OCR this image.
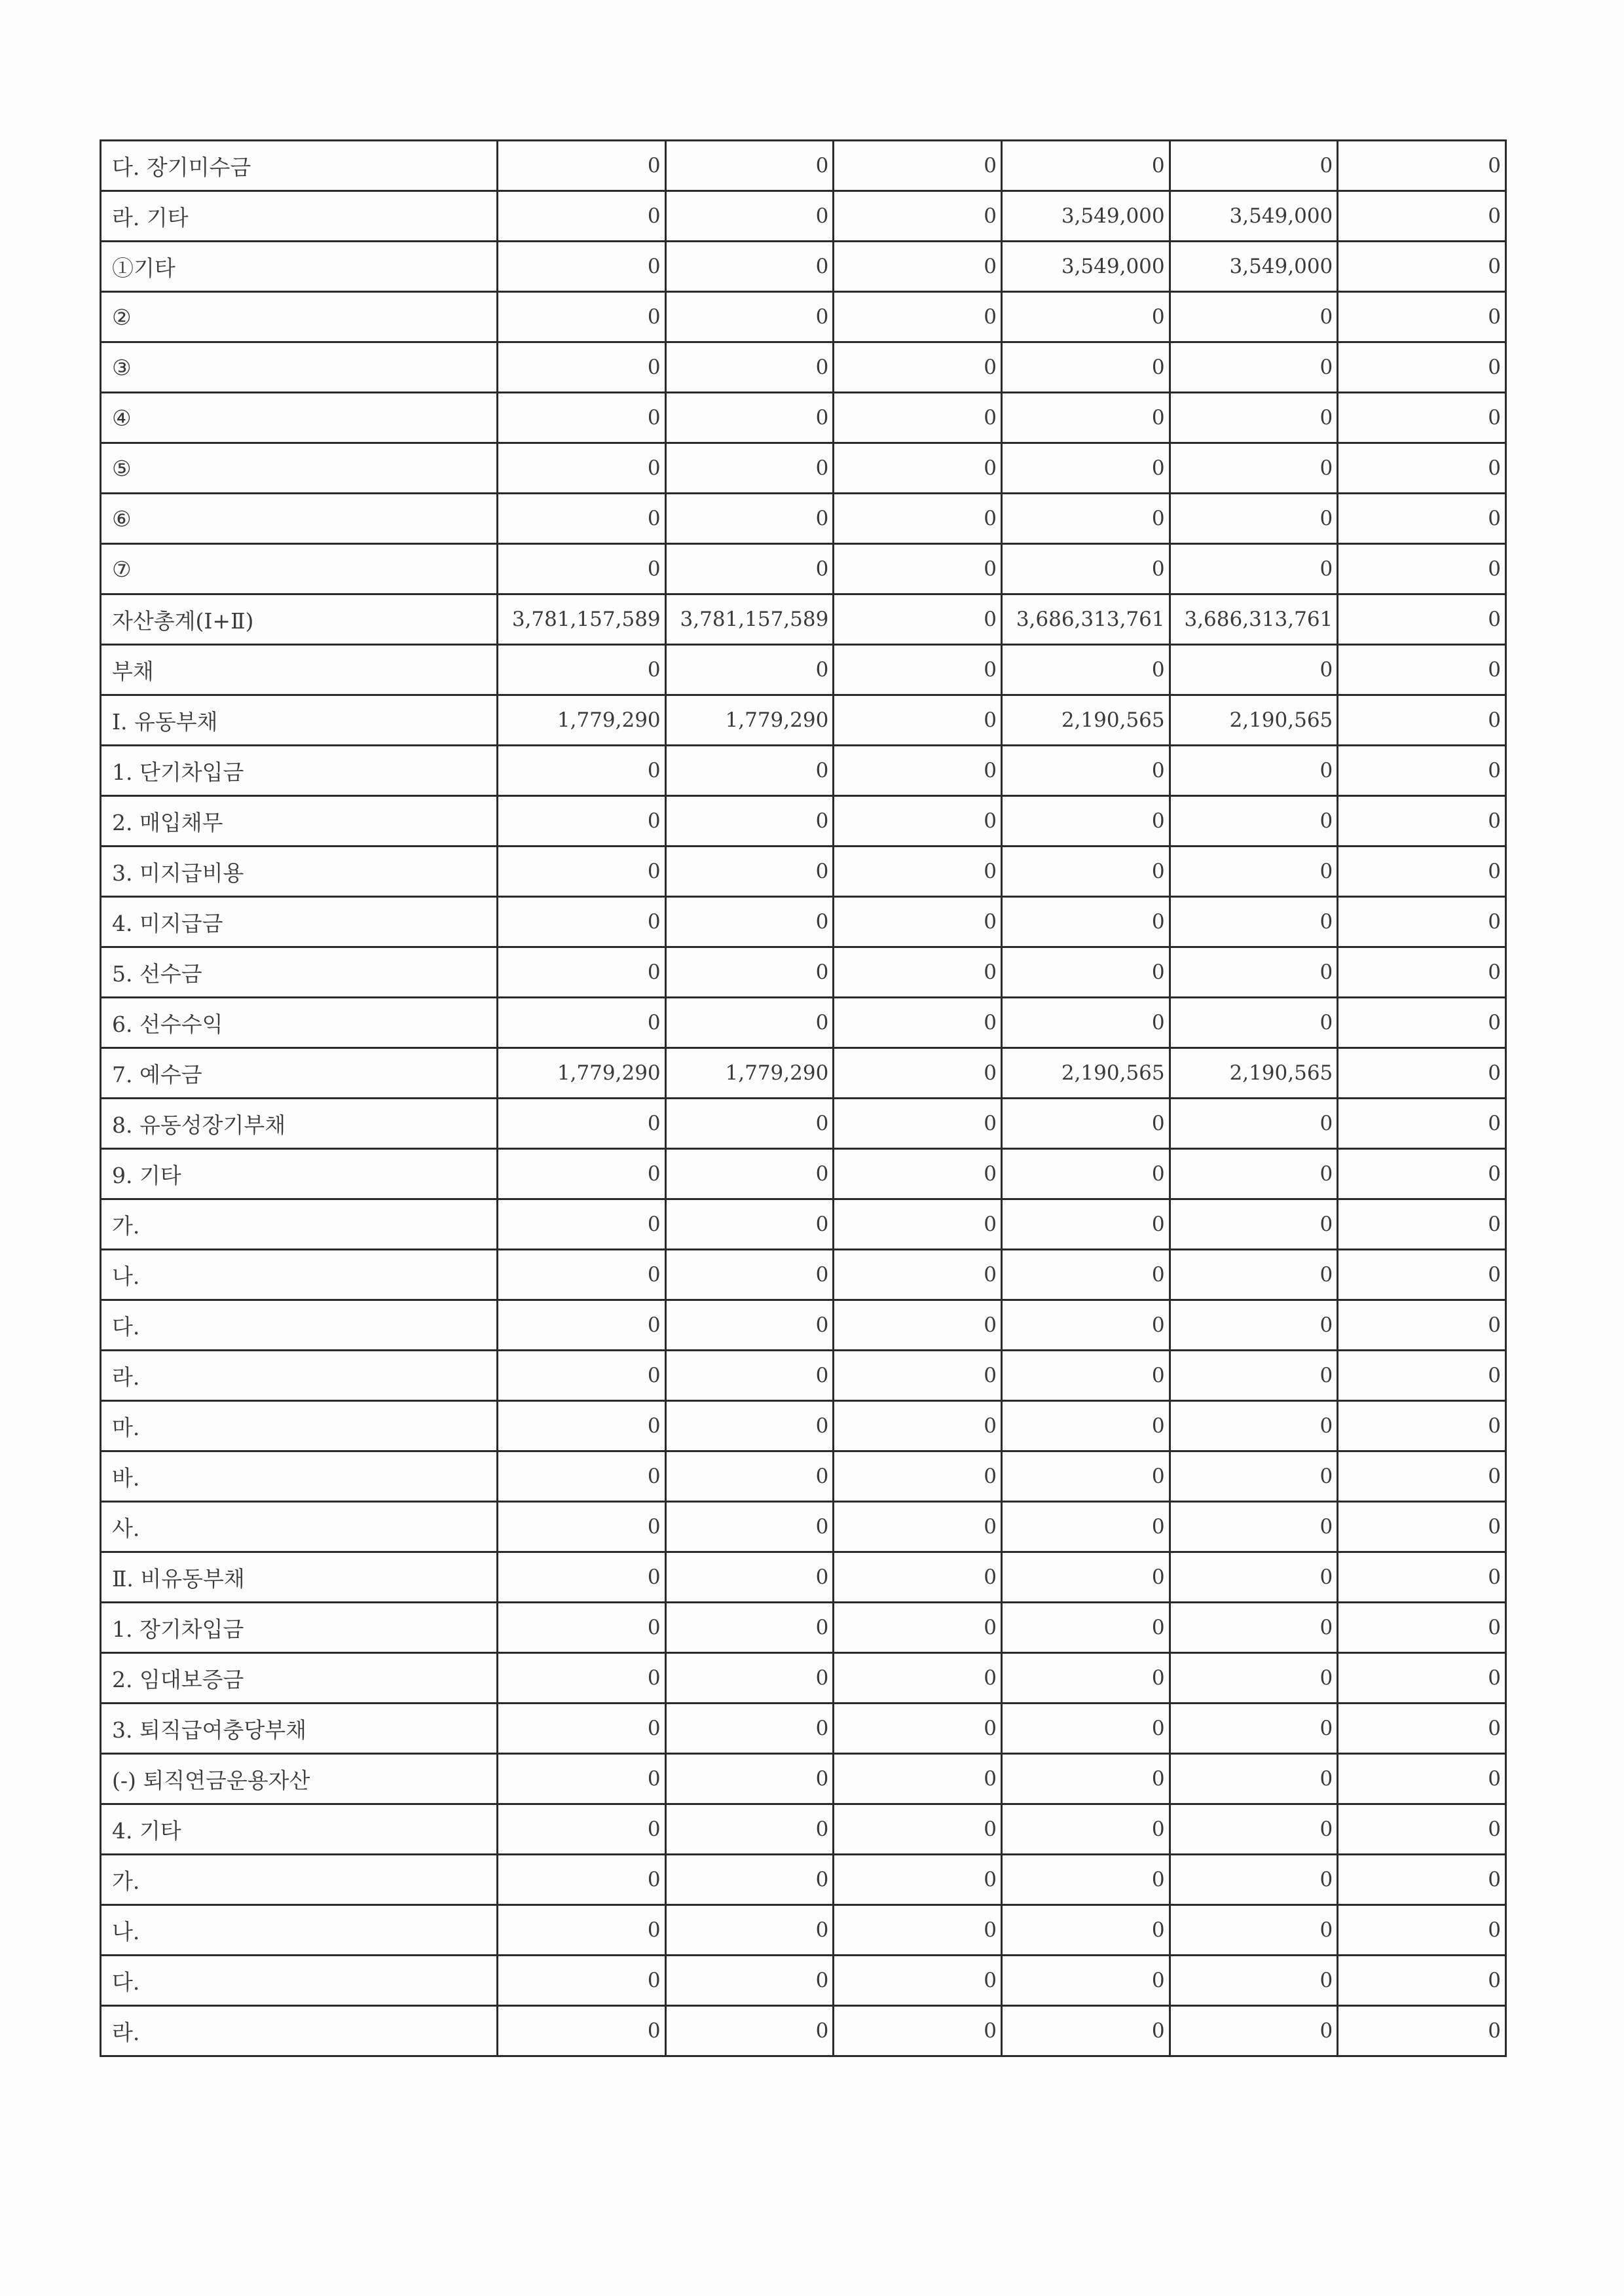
다. 장기미수금	0	0	0	0	0	0
라. 기타	0	0	0	3,549,000	3,549,000	0
①기타	0	0	0	3,549,000	3,549,000	0
②	0	0	0	0	0	0
③	0	0	0	0	0	0
④	0	0	0	0	0	0
⑤	0	0	0	0	0	0
⑥	0	0	0	0	0	0
⑦	0	0	0	0	0	0
자산총계(Ⅰ+Ⅱ)	3,781,157,589	3,781,157,589	0	3,686,313,761	3,686,313,761	0
부채	0	0	0	0	0	0
Ⅰ. 유동부채	1,779,290	1,779,290	0	2,190,565	2,190,565	0
1. 단기차입금	0	0	0	0	0	0
2. 매입채무	0	0	0	0	0	0
3. 미지급비용	0	0	0	0	0	0
4. 미지급금	0	0	0	0	0	0
5. 선수금	0	0	0	0	0	0
6. 선수수익	0	0	0	0	0	0
7. 예수금	1,779,290	1,779,290	0	2,190,565	2,190,565	0
8. 유동성장기부채	0	0	0	0	0	0
9. 기타	0	0	0	0	0	0
가.	0	0	0	0	0	0
나.	0	0	0	0	0	0
다.	0	0	0	0	0	0
라.	0	0	0	0	0	0
마.	0	0	0	0	0	0
바.	0	0	0	0	0	0
사.	0	0	0	0	0	0
Ⅱ. 비유동부채	0	0	0	0	0	0
1. 장기차입금	0	0	0	0	0	0
2. 임대보증금	0	0	0	0	0	0
3. 퇴직급여충당부채	0	0	0	0	0	0
(-) 퇴직연금운용자산	0	0	0	0	0	0
4. 기타	0	0	0	0	0	0
가.	0	0	0	0	0	0
나.	0	0	0	0	0	0
다.	0	0	0	0	0	0
라.	0	0	0	0	0	0
